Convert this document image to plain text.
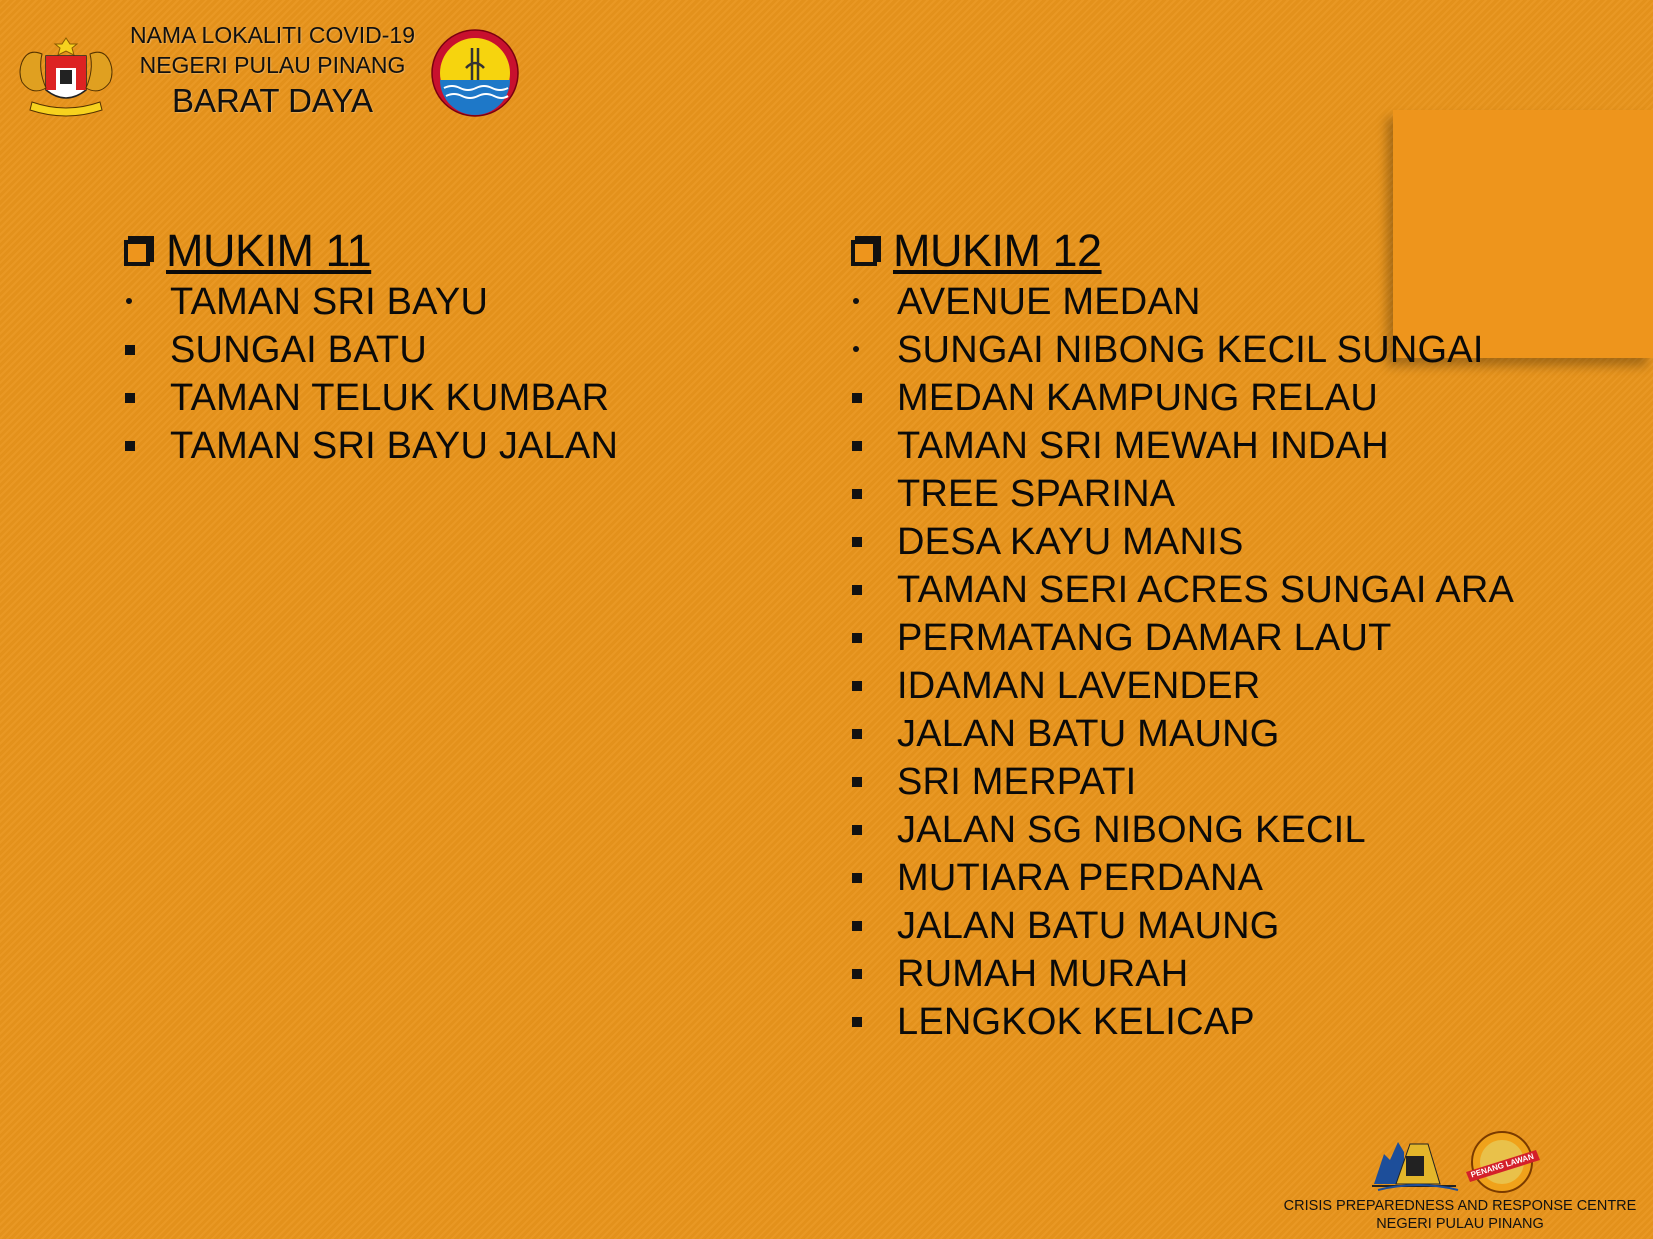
NAMA LOKALITI COVID-19
NEGERI PULAU PINANG
BARAT DAYA
MUKIM 11
TAMAN SRI BAYU
SUNGAI BATU
TAMAN TELUK KUMBAR
TAMAN SRI BAYU JALAN
MUKIM 12
AVENUE MEDAN
SUNGAI NIBONG KECIL SUNGAI
MEDAN KAMPUNG RELAU
TAMAN SRI MEWAH INDAH
TREE SPARINA
DESA KAYU MANIS
TAMAN SERI ACRES SUNGAI ARA
PERMATANG DAMAR LAUT
IDAMAN LAVENDER
JALAN BATU MAUNG
SRI MERPATI
JALAN SG NIBONG KECIL
MUTIARA PERDANA
JALAN BATU MAUNG
RUMAH MURAH
LENGKOK KELICAP
PENANG LAWAN
CRISIS PREPAREDNESS AND RESPONSE CENTRE
NEGERI PULAU PINANG
